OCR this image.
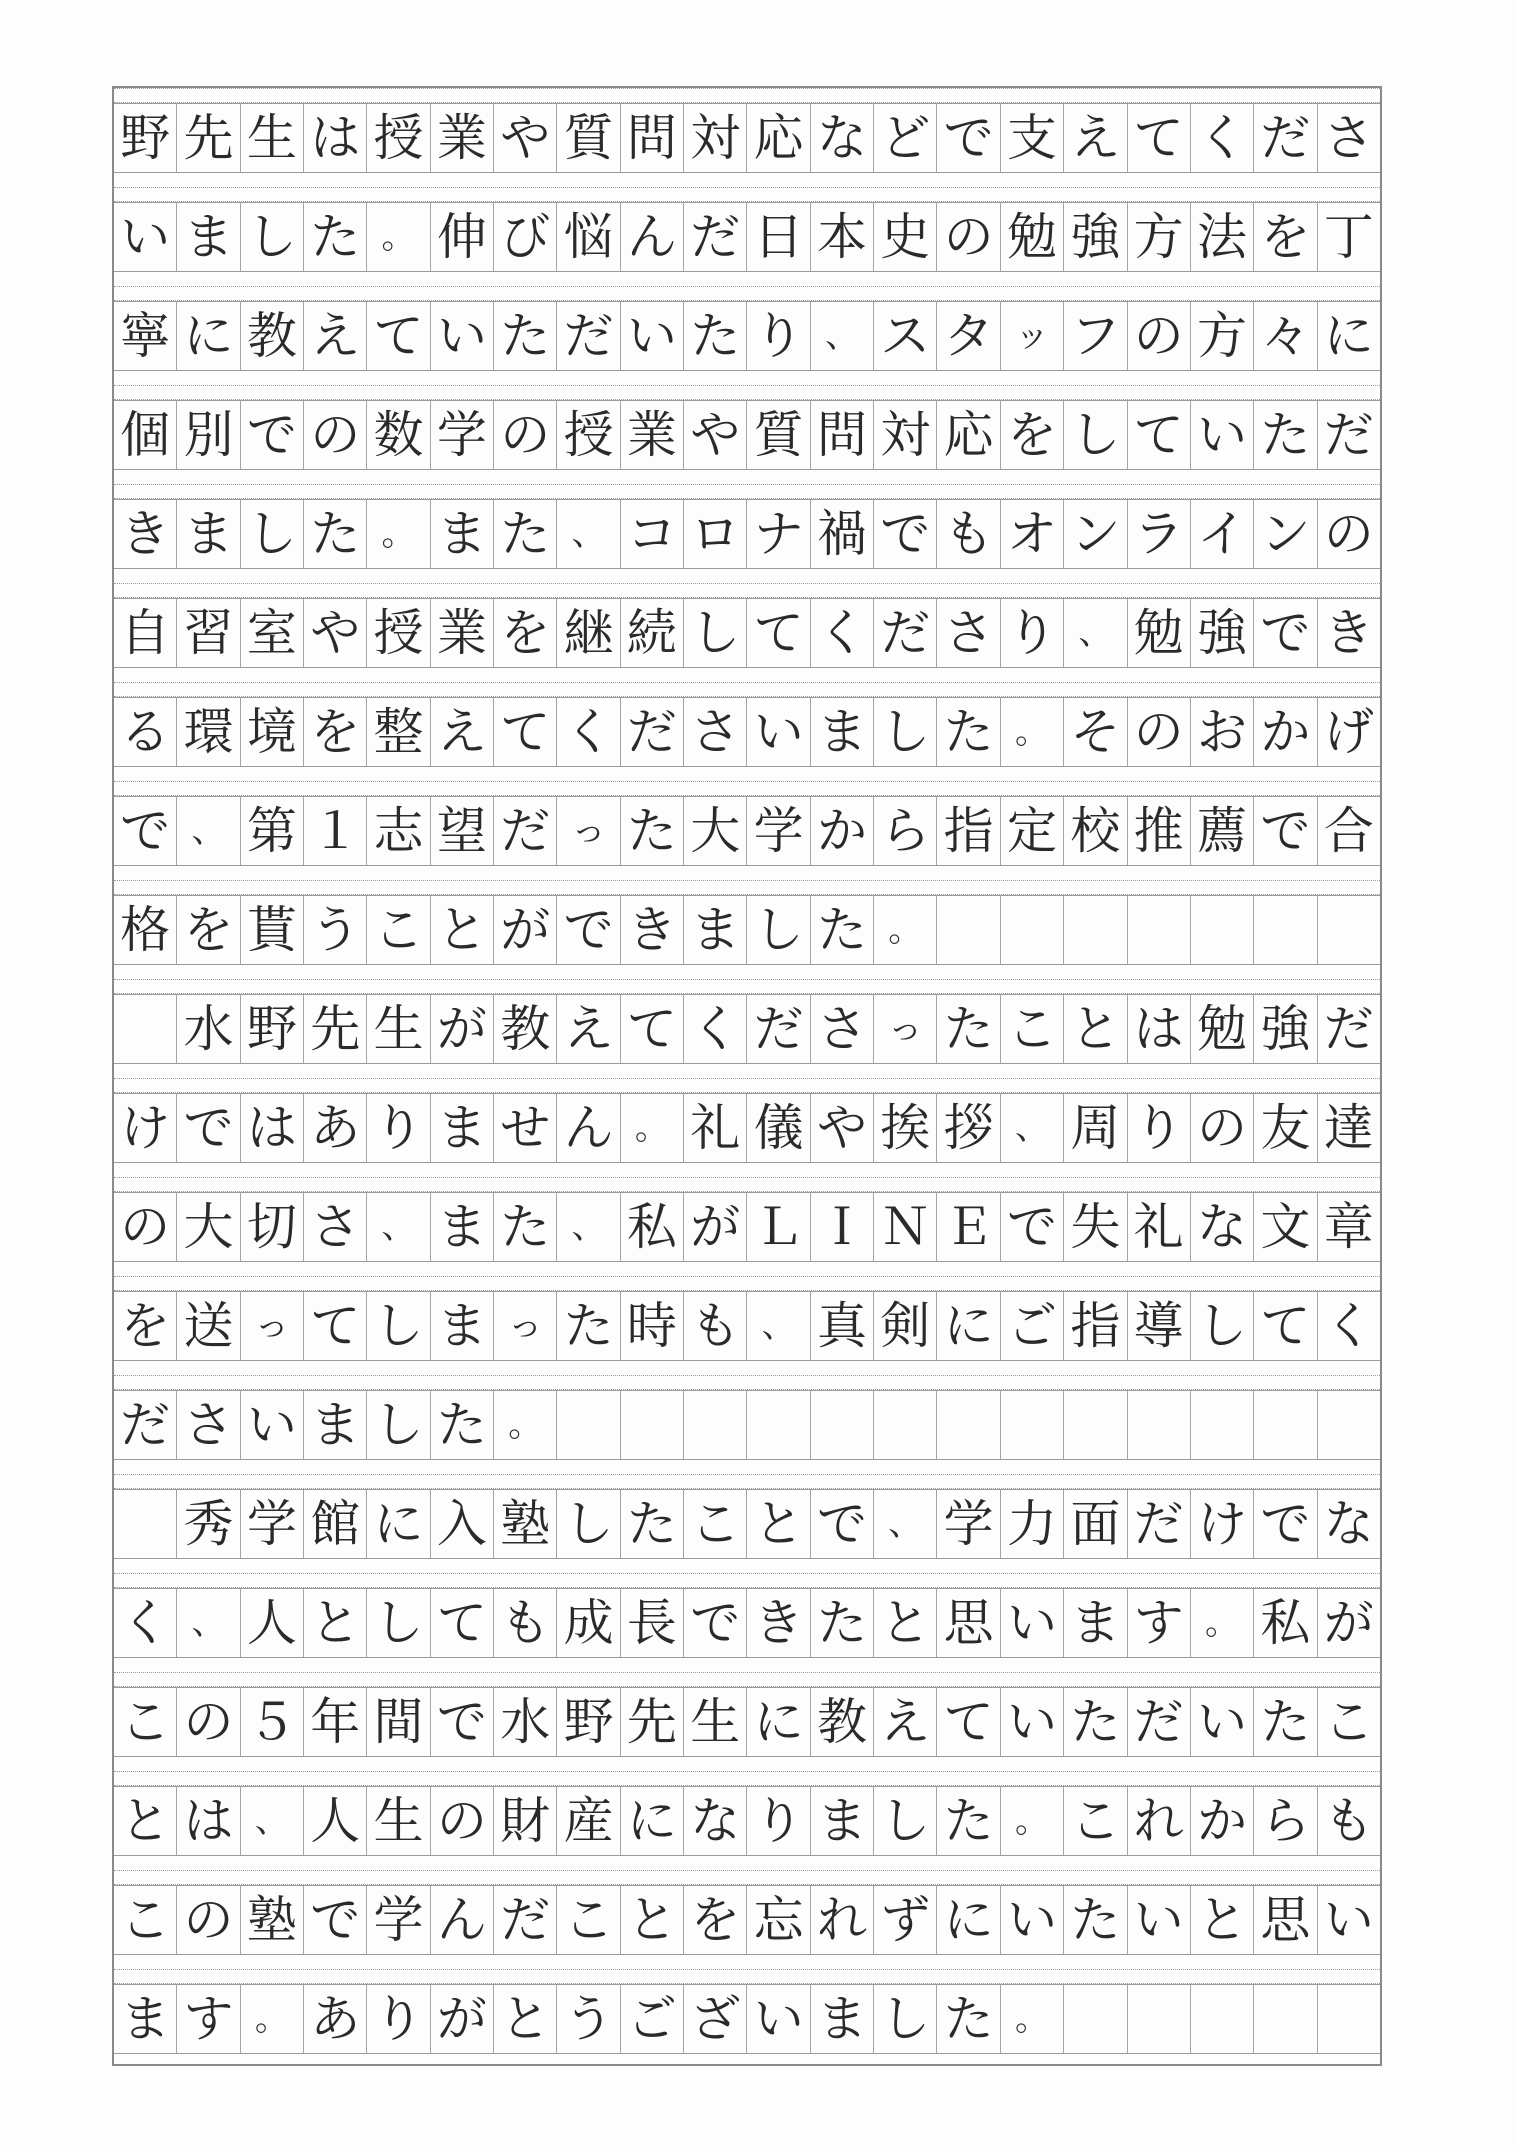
野 先 生 は 授 業 や 質 問 対 応 な ど で 支 え て く だ さ
い ま し た 。 伸 び 悩 ん だ 日 本 史 の 勉 強 方 法 を 丁
寧 に 教 え て い た だ い た り 、 ス タ ッ フ の 方 々 に
個 別 で の 数 学 の 授 業 や 質 問 対 応 を し て い た だ
き ま し た 。 ま た 、 コ ロ ナ 禍 で も オ ン ラ イ ン の
自 習 室 や 授 業 を 継 続 し て く だ さ り 、 勉 強 で き
る 環 境 を 整 え て く だ さ い ま し た 。 そ の お か げ
で 、 第 １ 志 望 だ っ た 大 学 か ら 指 定 校 推 薦 で 合
格 を 貰 う こ と が で き ま し た 。

水 野 先 生 が 教 え て く だ さ っ た こ と は 勉 強 だ
け で は あ り ま せ ん 。 礼 儀 や 挨 拶 、 周 り の 友 達
の 大 切 さ 、 ま た 、 私 が Ｌ Ｉ Ｎ Ｅ で 失 礼 な 文 章
を 送 っ て し ま っ た 時 も 、 真 剣 に ご 指 導 し て く
だ さ い ま し た 。

秀 学 館 に 入 塾 し た こ と で 、 学 力 面 だ け で な
く 、 人 と し て も 成 長 で き た と 思 い ま す 。 私 が
こ の ５ 年 間 で 水 野 先 生 に 教 え て い た だ い た こ
と は 、 人 生 の 財 産 に な り ま し た 。 こ れ か ら も
こ の 塾 で 学 ん だ こ と を 忘 れ ず に い た い と 思 い
ま す 。 あ り が と う ご ざ い ま し た 。
